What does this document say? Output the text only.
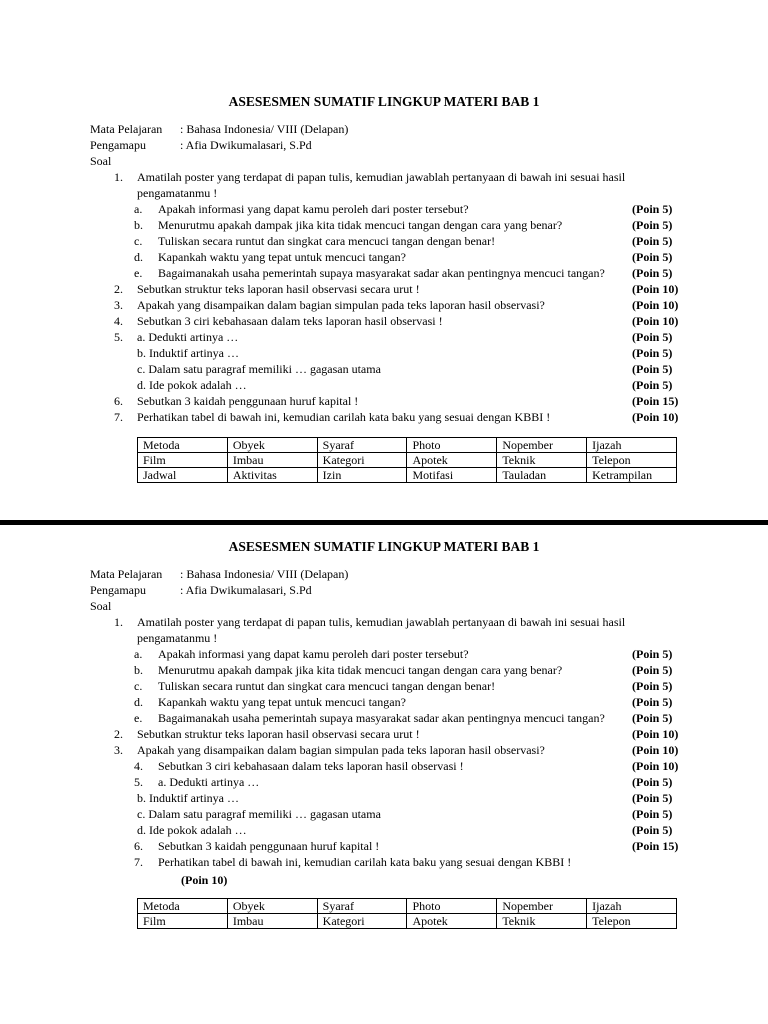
ASESESMEN SUMATIF LINGKUP MATERI BAB 1
Mata Pelajaran : Bahasa Indonesia/ VIII (Delapan)
Pengamapu	: Afia Dwikumalasari, S.Pd
Soal
1. Amatilah poster yang terdapat di papan tulis, kemudian jawablah pertanyaan di bawah ini sesuai hasil
pengamatanmu !
a. Apakah informasi yang dapat kamu peroleh dari poster tersebut?	(Poin 5)
b. Menurutmu apakah dampak jika kita tidak mencuci tangan dengan cara yang benar?	(Poin 5)
c. Tuliskan secara runtut dan singkat cara mencuci tangan dengan benar!	(Poin 5)
d. Kapankah waktu yang tepat untuk mencuci tangan?	(Poin 5)
e. Bagaimanakah usaha pemerintah supaya masyarakat sadar akan pentingnya mencuci tangan? (Poin 5)
2. Sebutkan struktur teks laporan hasil observasi secara urut !	(Poin 10)
3. Apakah yang disampaikan dalam bagian simpulan pada teks laporan hasil observasi?	(Poin 10)
4. Sebutkan 3 ciri kebahasaan dalam teks laporan hasil observasi !	(Poin 10)
5. a. Dedukti artinya …	(Poin 5)
b. Induktif artinya …	(Poin 5)
c. Dalam satu paragraf memiliki … gagasan utama	(Poin 5)
d. Ide pokok adalah …	(Poin 5)
6. Sebutkan 3 kaidah penggunaan huruf kapital !	(Poin 15)
7. Perhatikan tabel di bawah ini, kemudian carilah kata baku yang sesuai dengan KBBI !	(Poin 10)
Metoda	Obyek	Syaraf	Photo	Nopember	Ijazah
Film	Imbau	Kategori	Apotek	Teknik	Telepon
Jadwal	Aktivitas	Izin	Motifasi	Tauladan	Ketrampilan
ASESESMEN SUMATIF LINGKUP MATERI BAB 1
Mata Pelajaran : Bahasa Indonesia/ VIII (Delapan)
Pengamapu	: Afia Dwikumalasari, S.Pd
Soal
1. Amatilah poster yang terdapat di papan tulis, kemudian jawablah pertanyaan di bawah ini sesuai hasil
pengamatanmu !
a. Apakah informasi yang dapat kamu peroleh dari poster tersebut?	(Poin 5)
b. Menurutmu apakah dampak jika kita tidak mencuci tangan dengan cara yang benar?	(Poin 5)
c. Tuliskan secara runtut dan singkat cara mencuci tangan dengan benar!	(Poin 5)
d. Kapankah waktu yang tepat untuk mencuci tangan?	(Poin 5)
e. Bagaimanakah usaha pemerintah supaya masyarakat sadar akan pentingnya mencuci tangan? (Poin 5)
2. Sebutkan struktur teks laporan hasil observasi secara urut !	(Poin 10)
3. Apakah yang disampaikan dalam bagian simpulan pada teks laporan hasil observasi?	(Poin 10)
4. Sebutkan 3 ciri kebahasaan dalam teks laporan hasil observasi !	(Poin 10)
5. a. Dedukti artinya …	(Poin 5)
b. Induktif artinya …	(Poin 5)
c. Dalam satu paragraf memiliki … gagasan utama	(Poin 5)
d. Ide pokok adalah …	(Poin 5)
6. Sebutkan 3 kaidah penggunaan huruf kapital !	(Poin 15)
7. Perhatikan tabel di bawah ini, kemudian carilah kata baku yang sesuai dengan KBBI !
(Poin 10)
Metoda	Obyek	Syaraf	Photo	Nopember	Ijazah
Film	Imbau	Kategori	Apotek	Teknik	Telepon
